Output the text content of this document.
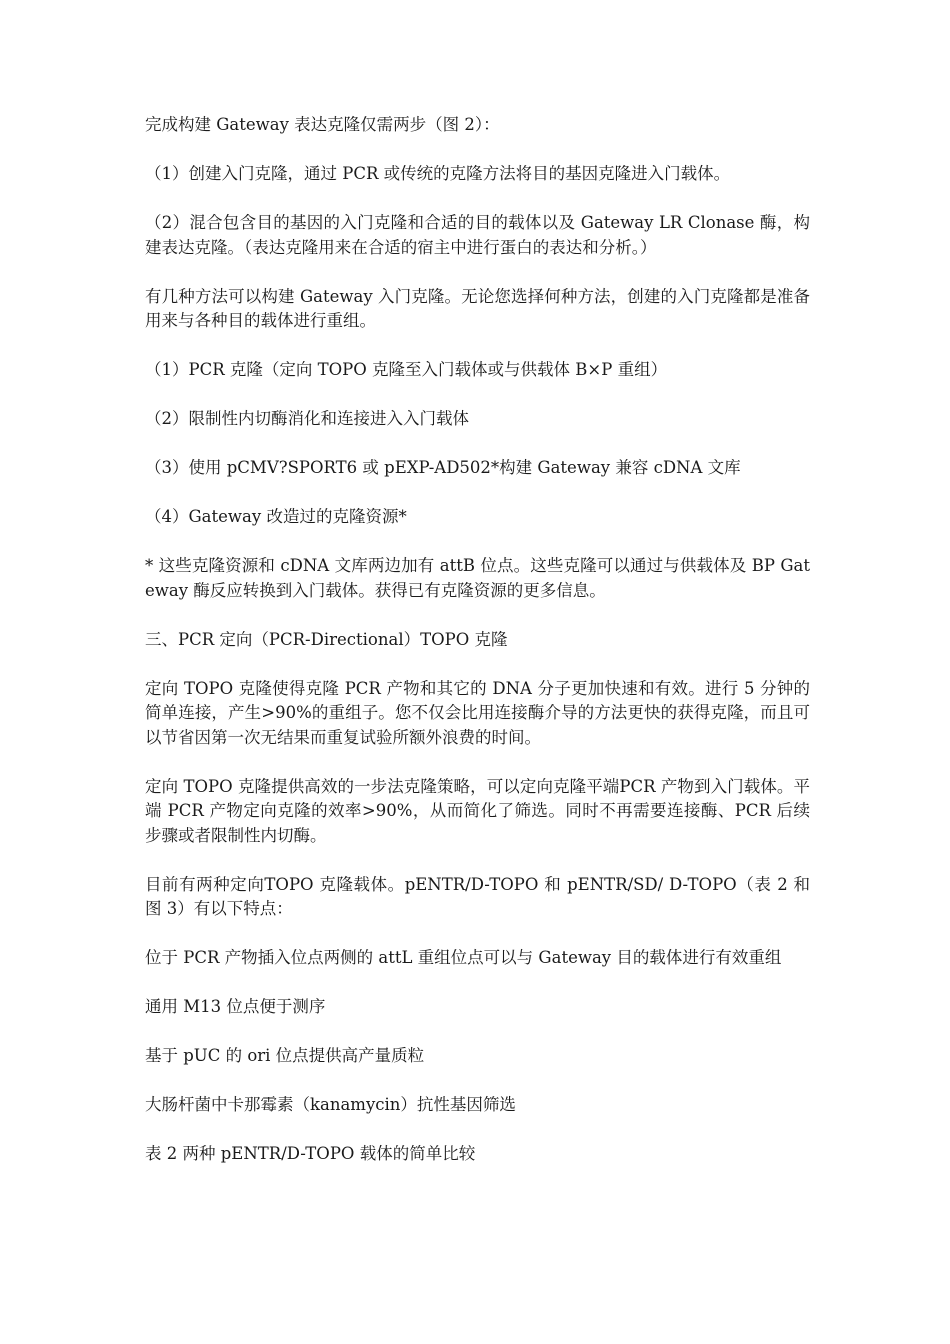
完成构建 Gateway 表达克隆仅需两步（图 2）：

（1）创建入门克隆，通过 PCR 或传统的克隆方法将目的基因克隆进入门载体。

（2）混合包含目的基因的入门克隆和合适的目的载体以及 Gateway LR Clonase 酶，构建表达克隆。（表达克隆用来在合适的宿主中进行蛋白的表达和分析。）

有几种方法可以构建 Gateway 入门克隆。无论您选择何种方法，创建的入门克隆都是准备用来与各种目的载体进行重组。

（1）PCR 克隆（定向 TOPO 克隆至入门载体或与供载体 B×P 重组）

（2）限制性内切酶消化和连接进入入门载体

（3）使用 pCMV?SPORT6 或 pEXP-AD502*构建 Gateway 兼容 cDNA 文库

（4）Gateway 改造过的克隆资源*

* 这些克隆资源和 cDNA 文库两边加有 attB 位点。这些克隆可以通过与供载体及 BP Gateway 酶反应转换到入门载体。获得已有克隆资源的更多信息。

三、PCR 定向（PCR-Directional）TOPO 克隆

定向 TOPO 克隆使得克隆 PCR 产物和其它的 DNA 分子更加快速和有效。进行 5 分钟的简单连接，产生>90%的重组子。您不仅会比用连接酶介导的方法更快的获得克隆，而且可以节省因第一次无结果而重复试验所额外浪费的时间。

定向 TOPO 克隆提供高效的一步法克隆策略，可以定向克隆平端PCR 产物到入门载体。平端 PCR 产物定向克隆的效率>90%，从而简化了筛选。同时不再需要连接酶、PCR 后续步骤或者限制性内切酶。

目前有两种定向TOPO 克隆载体。pENTR/D-TOPO 和 pENTR/SD/ D-TOPO（表 2 和图 3）有以下特点：

位于 PCR 产物插入位点两侧的 attL 重组位点可以与 Gateway 目的载体进行有效重组

通用 M13 位点便于测序

基于 pUC 的 ori 位点提供高产量质粒

大肠杆菌中卡那霉素（kanamycin）抗性基因筛选

表 2 两种 pENTR/D-TOPO 载体的简单比较
